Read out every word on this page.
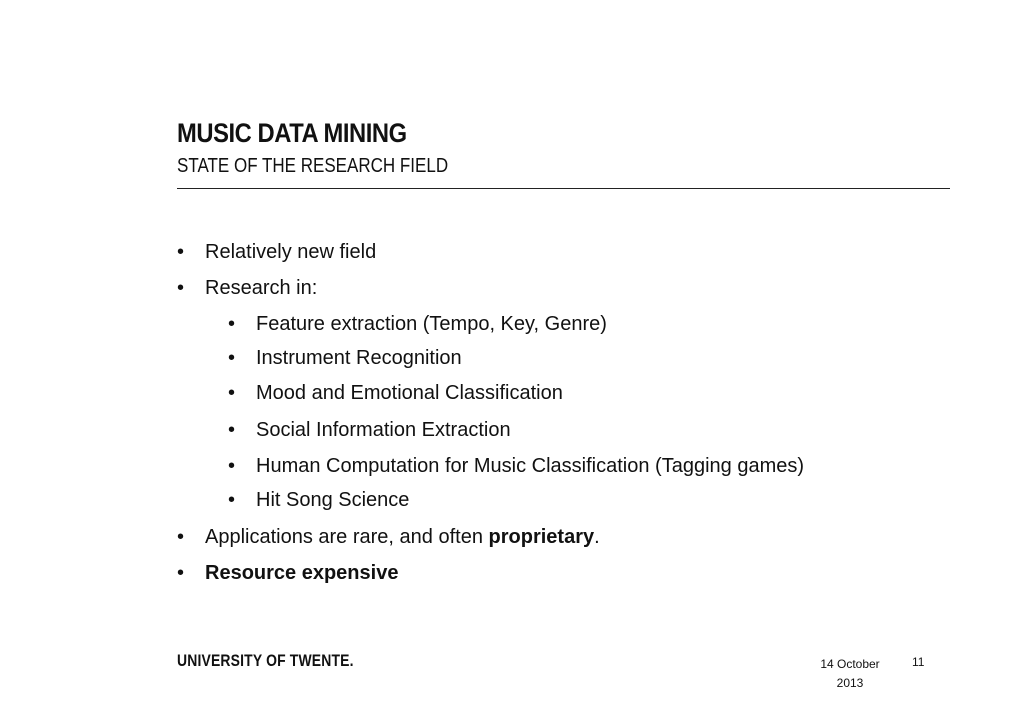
MUSIC DATA MINING
STATE OF THE RESEARCH FIELD
• Relatively new field
• Research in:
• Feature extraction (Tempo, Key, Genre)
• Instrument Recognition
• Mood and Emotional Classification
• Social Information Extraction
• Human Computation for Music Classification (Tagging games)
• Hit Song Science
• Applications are rare, and often proprietary.
• Resource expensive
UNIVERSITY OF TWENTE.	14 October
2013
11
